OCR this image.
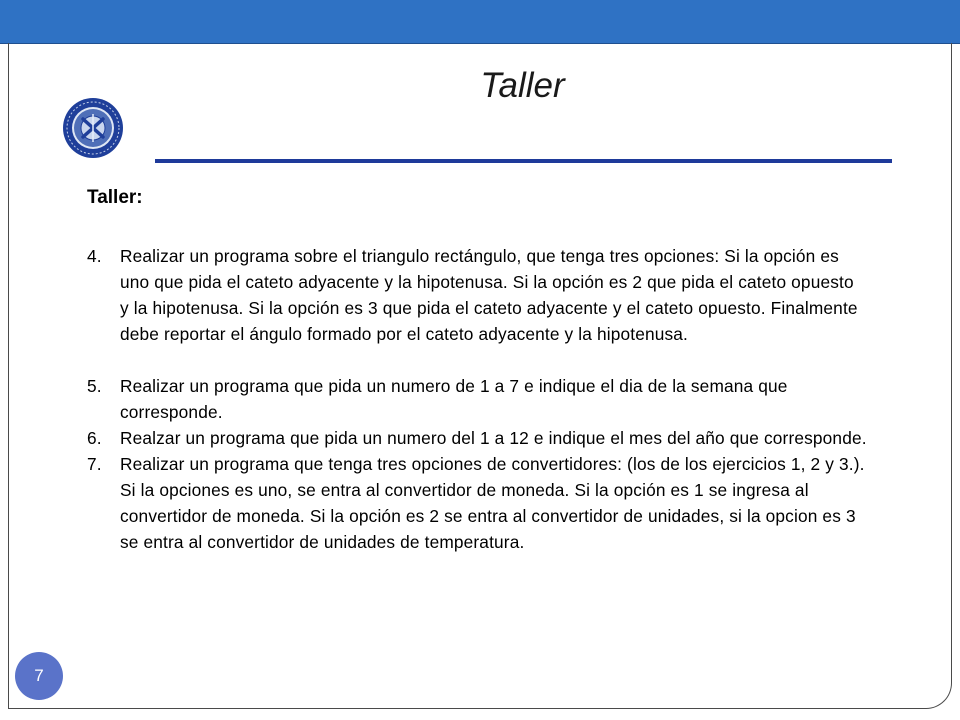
Taller
Taller:
4.	Realizar un programa sobre el triangulo rectángulo, que tenga tres opciones: Si la opción es uno que pida el cateto adyacente y la hipotenusa. Si la opción es 2 que pida el cateto opuesto y la hipotenusa. Si la opción es 3 que pida el cateto adyacente y el cateto opuesto. Finalmente debe reportar el ángulo formado por el cateto adyacente y la hipotenusa.
5.	Realizar un programa que pida un numero de 1 a 7 e indique el dia de la semana que corresponde.
6.	Realzar un programa que pida un numero del 1 a 12 e indique el mes del año que corresponde.
7.	Realizar un programa que tenga tres opciones de convertidores: (los de los ejercicios 1, 2 y 3.). Si la opciones es uno, se entra al convertidor de moneda. Si la opción es 1 se ingresa al convertidor de moneda. Si la opción es 2 se entra al convertidor de unidades, si la opcion es 3 se entra al convertidor de unidades de temperatura.
7
